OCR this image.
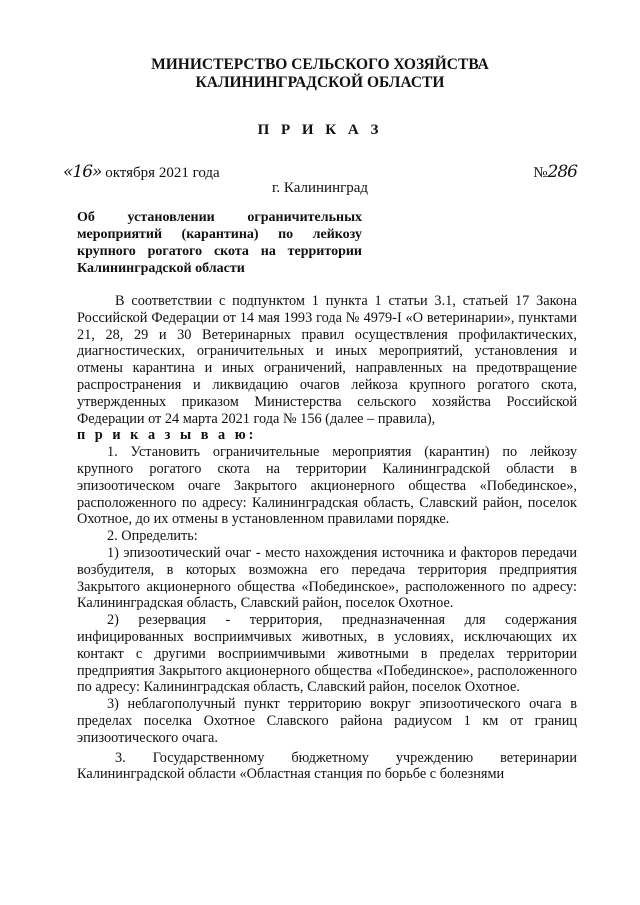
МИНИСТЕРСТВО СЕЛЬСКОГО ХОЗЯЙСТВА
КАЛИНИНГРАДСКОЙ ОБЛАСТИ
П Р И К А З
«16» октября 2021 года	№286
г. Калининград
Об установлении ограничительных мероприятий (карантина) по лейкозу крупного рогатого скота на территории Калининградской области

В соответствии с подпунктом 1 пункта 1 статьи 3.1, статьей 17 Закона Российской Федерации от 14 мая 1993 года № 4979-I «О ветеринарии», пунктами 21, 28, 29 и 30 Ветеринарных правил осуществления профилактических, диагностических, ограничительных и иных мероприятий, установления и отмены карантина и иных ограничений, направленных на предотвращение распространения и ликвидацию очагов лейкоза крупного рогатого скота, утвержденных приказом Министерства сельского хозяйства Российской Федерации от 24 марта 2021 года № 156 (далее – правила),

п р и к а з ы в а ю:

1. Установить ограничительные мероприятия (карантин) по лейкозу крупного рогатого скота на территории Калининградской области в эпизоотическом очаге Закрытого акционерного общества «Побединское», расположенного по адресу: Калининградская область, Славский район, поселок Охотное, до их отмены в установленном правилами порядке.

2. Определить:

1) эпизоотический очаг - место нахождения источника и факторов передачи возбудителя, в которых возможна его передача территория предприятия Закрытого акционерного общества «Побединское», расположенного по адресу: Калининградская область, Славский район, поселок Охотное.

2) резервация - территория, предназначенная для содержания инфицированных восприимчивых животных, в условиях, исключающих их контакт с другими восприимчивыми животными в пределах территории предприятия Закрытого акционерного общества «Побединское», расположенного по адресу: Калининградская область, Славский район, поселок Охотное.

3) неблагополучный пункт территорию вокруг эпизоотического очага в пределах поселка Охотное Славского района радиусом 1 км от границ эпизоотического очага.

3. Государственному бюджетному учреждению ветеринарии Калининградской области «Областная станция по борьбе с болезнями
